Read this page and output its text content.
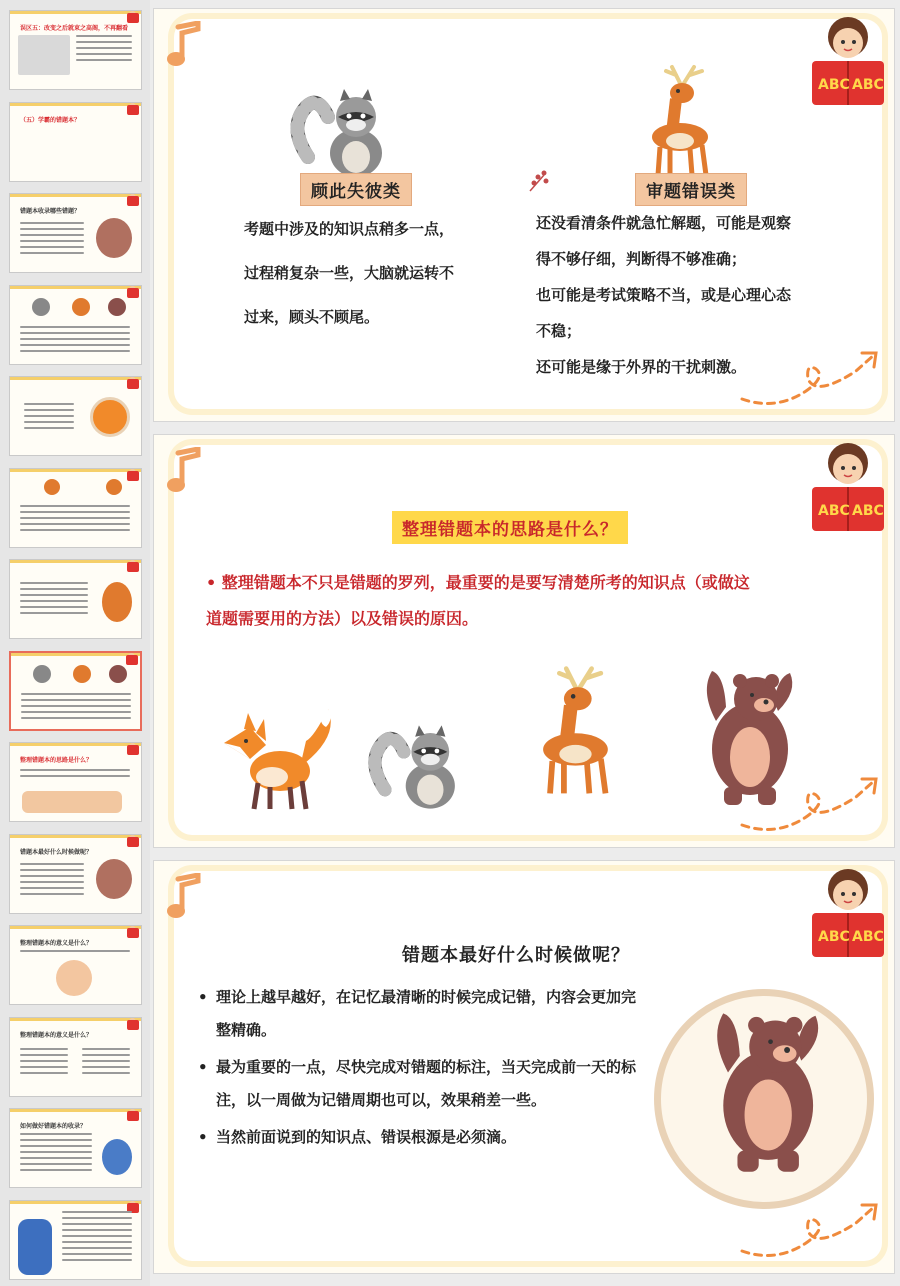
误区五：改变之后就束之高阁，不再翻看
（五）学霸的错题本？
错题本收录哪些错题？
整理错题本的思路是什么？
错题本最好什么时候做呢？
整理错题本的意义是什么？
整理错题本的意义是什么？
如何做好错题本的收录？
ABC ABC
顾此失彼类	审题错误类
考题中涉及的知识点稍多一点，
过程稍复杂一些，大脑就运转不
过来，顾头不顾尾。
还没看清条件就急忙解题，可能是观察
得不够仔细，判断得不够准确；
也可能是考试策略不当，或是心理心态
不稳；
还可能是缘于外界的干扰刺激。
ABC ABC
整理错题本的思路是什么？
• 整理错题本不只是错题的罗列，最重要的是要写清楚所考的知识点（或做这
道题需要用的方法）以及错误的原因。
ABC ABC
错题本最好什么时候做呢？
• 理论上越早越好，在记忆最清晰的时候完成记错，内容会更加完整精确。
• 最为重要的一点，尽快完成对错题的标注，当天完成前一天的标注，以一周做为记错周期也可以，效果稍差一些。
• 当然前面说到的知识点、错误根源是必须滴。
